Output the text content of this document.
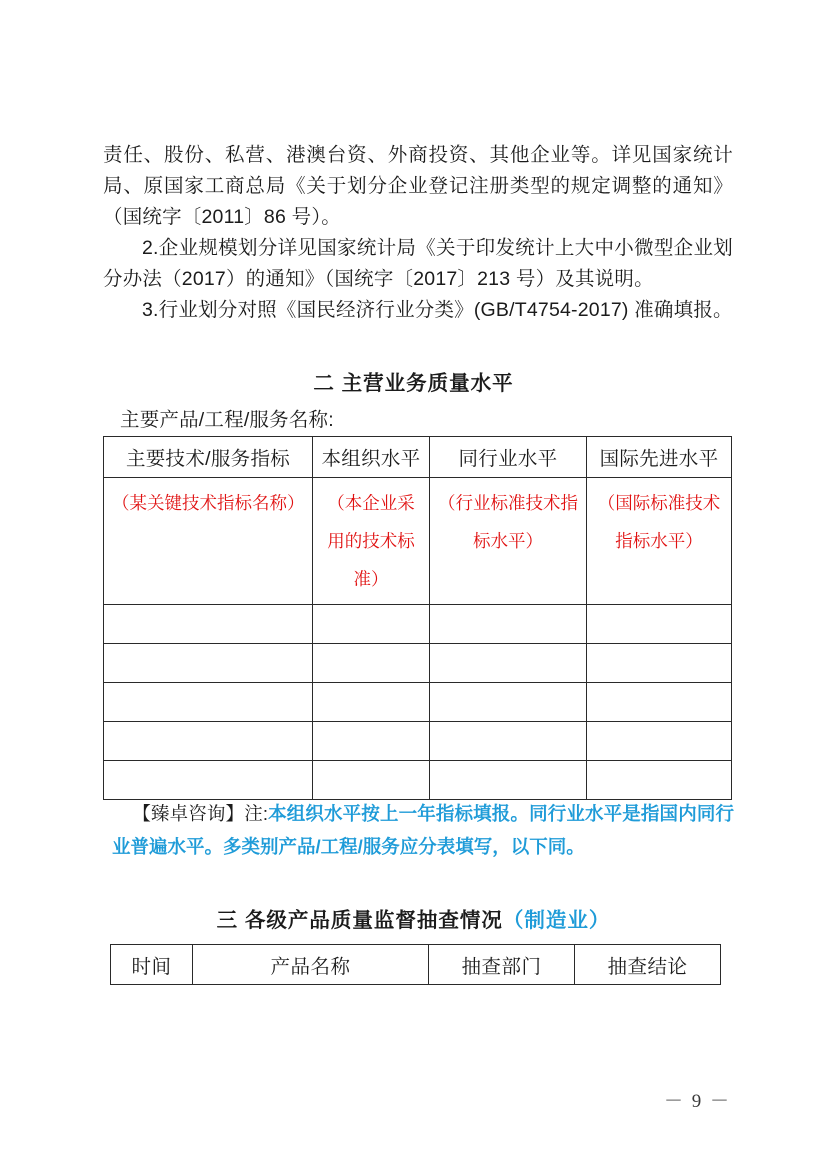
责任、股份、私营、港澳台资、外商投资、其他企业等。详见国家统计局、原国家工商总局《关于划分企业登记注册类型的规定调整的通知》（国统字〔2011〕86 号）。

2.企业规模划分详见国家统计局《关于印发统计上大中小微型企业划分办法（2017）的通知》（国统字〔2017〕213 号）及其说明。

3.行业划分对照《国民经济行业分类》(GB/T4754-2017) 准确填报。

二 主营业务质量水平
主要产品/工程/服务名称:
主要技术/服务指标	本组织水平	同行业水平	国际先进水平
（某关键技术指标名称）	（本企业采用的技术标准）	（行业标准技术指标水平）	（国际标准技术指标水平）

【臻卓咨询】注:本组织水平按上一年指标填报。同行业水平是指国内同行业普遍水平。多类别产品/工程/服务应分表填写，以下同。
三 各级产品质量监督抽查情况（制造业）
时间	产品名称	抽查部门	抽查结论
－ 9 －
